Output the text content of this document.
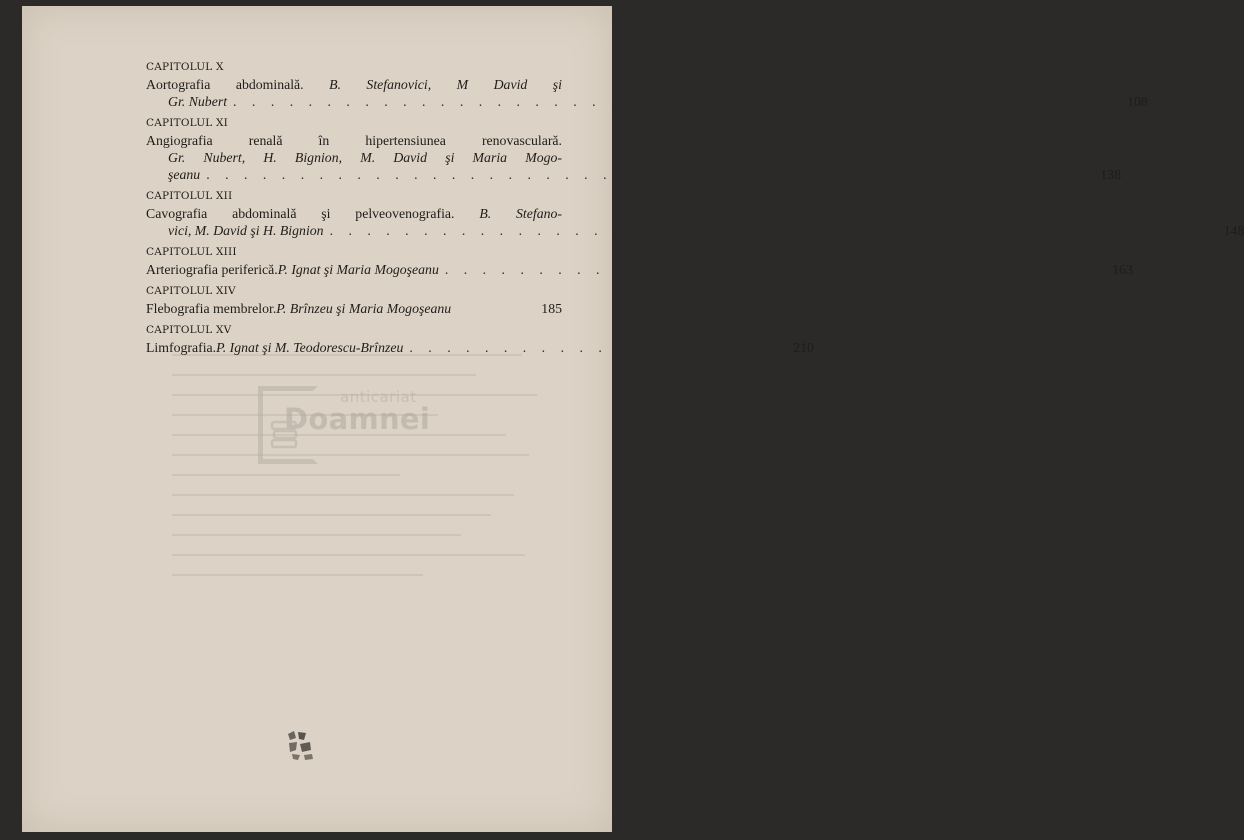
CAPITOLUL X
Aortografia abdominală. B. Stefanovici, M David şi
Gr. Nubert . . . . . . . . . . . . . . . . . . . . . . . . . . . . . . . . . . . . . . . . . . . . . . .	108
CAPITOLUL XI
Angiografia renală în hipertensiunea renovasculară.
Gr. Nubert, H. Bignion, M. David şi Maria Mogo-
şeanu . . . . . . . . . . . . . . . . . . . . . . . . . . . . . . . . . . . . . . . . . . . . . . .	138
CAPITOLUL XII
Cavografia abdominală şi pelveovenografia. B. Stefano-
vici, M. David şi H. Bignion . . . . . . . . . . . . . . . . . . . . . . . . . . . . . . . . . . . . . . . . . . . . . . .	148
CAPITOLUL XIII
Arteriografia periferică. P. Ignat şi Maria Mogoşeanu . . . . . . . . . . . . . . . . . . . . . . . . . . . . . . . . . . .	163
CAPITOLUL XIV
Flebografia membrelor. P. Brînzeu şi Maria Mogoşeanu	185
CAPITOLUL XV
Limfografia. P. Ignat şi M. Teodorescu-Brînzeu . . . . . . . . . . . . . . . . . . . .	210
anticariat
Doamnei
